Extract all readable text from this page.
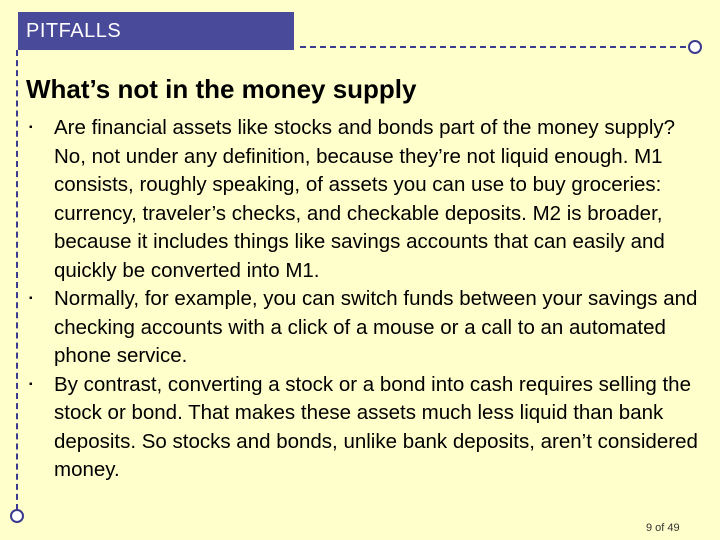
PITFALLS
What’s not in the money supply
▪ Are financial assets like stocks and bonds part of the money supply? No, not under any definition, because they’re not liquid enough. M1 consists, roughly speaking, of assets you can use to buy groceries: currency, traveler’s checks, and checkable deposits. M2 is broader, because it includes things like savings accounts that can easily and quickly be converted into M1.
▪ Normally, for example, you can switch funds between your savings and checking accounts with a click of a mouse or a call to an automated phone service.
▪ By contrast, converting a stock or a bond into cash requires selling the stock or bond. That makes these assets much less liquid than bank deposits. So stocks and bonds, unlike bank deposits, aren’t considered money.
9 of 49
